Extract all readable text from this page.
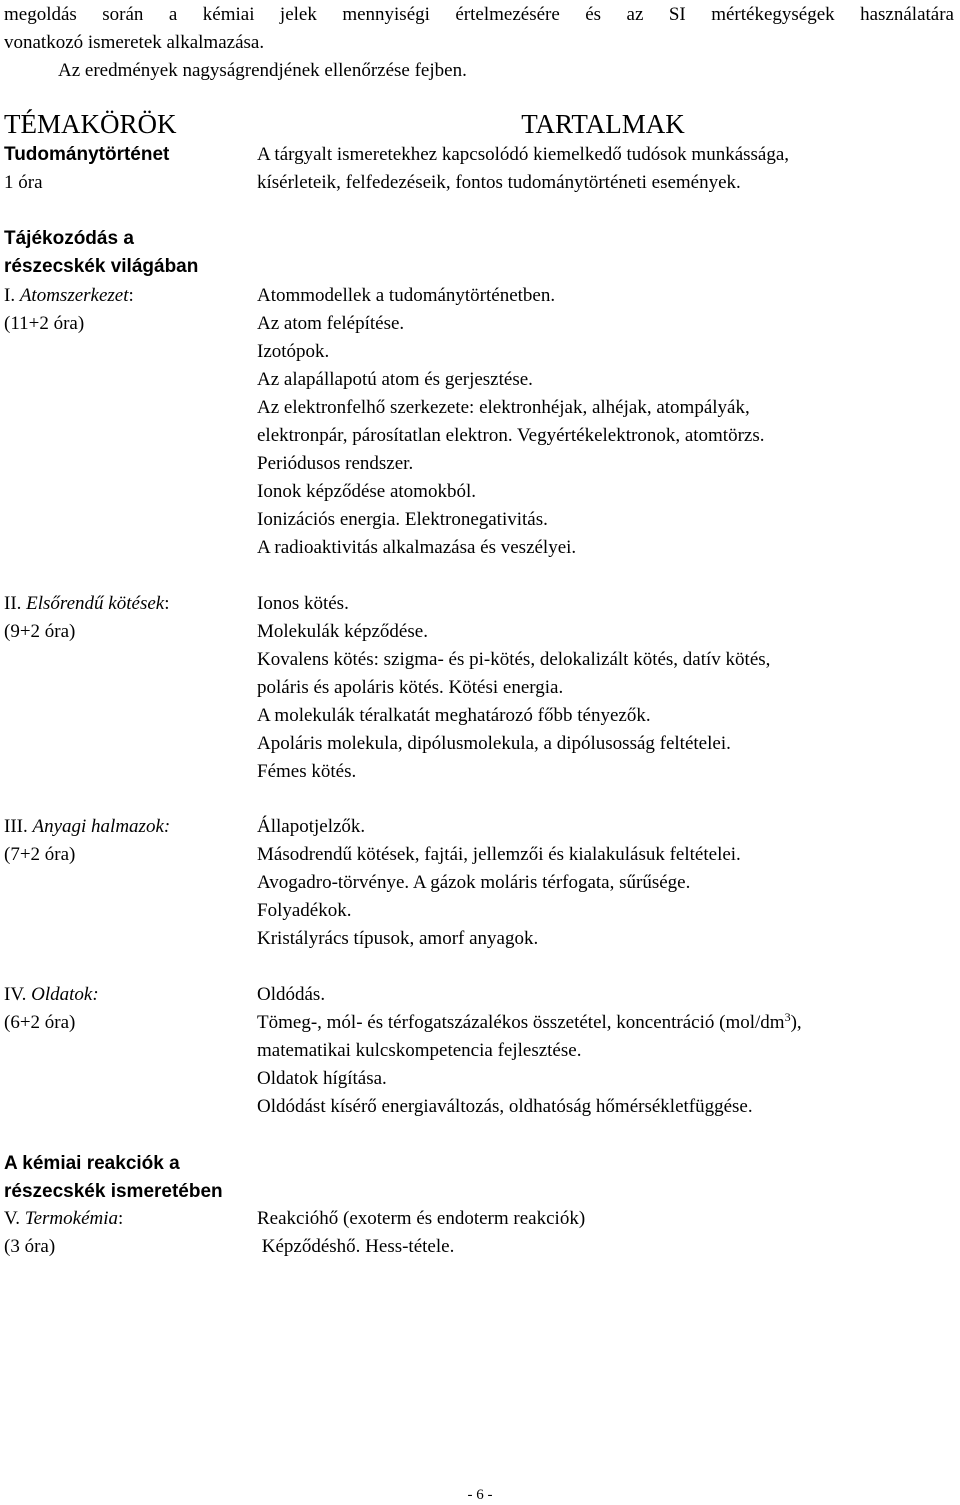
megoldás során a kémiai jelek mennyiségi értelmezésére és az SI mértékegységek használatára
vonatkozó ismeretek alkalmazása.
Az eredmények nagyságrendjének ellenőrzése fejben.
TÉMAKÖRÖK	TARTALMAK
Tudománytörténet
1 óra
A tárgyalt ismeretekhez kapcsolódó kiemelkedő tudósok munkássága,
kísérleteik, felfedezéseik, fontos tudománytörténeti események.
Tájékozódás a
részecskék világában
I. Atomszerkezet:
(11+2 óra)
Atommodellek a tudománytörténetben.
Az atom felépítése.
Izotópok.
Az alapállapotú atom és gerjesztése.
Az elektronfelhő szerkezete: elektronhéjak, alhéjak, atompályák,
elektronpár, párosítatlan elektron. Vegyértékelektronok, atomtörzs.
Periódusos rendszer.
Ionok képződése atomokból.
Ionizációs energia. Elektronegativitás.
A radioaktivitás alkalmazása és veszélyei.
II. Elsőrendű kötések:
(9+2 óra)
Ionos kötés.
Molekulák képződése.
Kovalens kötés: szigma- és pi-kötés, delokalizált kötés, datív kötés,
poláris és apoláris kötés. Kötési energia.
A molekulák téralkatát meghatározó főbb tényezők.
Apoláris molekula, dipólusmolekula, a dipólusosság feltételei.
Fémes kötés.
III. Anyagi halmazok:
(7+2 óra)
Állapotjelzők.
Másodrendű kötések, fajtái, jellemzői és kialakulásuk feltételei.
Avogadro-törvénye. A gázok moláris térfogata, sűrűsége.
Folyadékok.
Kristályrács típusok, amorf anyagok.
IV. Oldatok:
(6+2 óra)
Oldódás.
Tömeg-, mól- és térfogatszázalékos összetétel, koncentráció $(mol/dm^3)$,
matematikai kulcskompetencia fejlesztése.
Oldatok hígítása.
Oldódást kísérő energiaváltozás, oldhatóság hőmérsékletfüggése.
A kémiai reakciók a
részecskék ismeretében
V. Termokémia:
(3 óra)
Reakcióhő (exoterm és endoterm reakciók)
Képződéshő. Hess-tétele.
- 6 -
